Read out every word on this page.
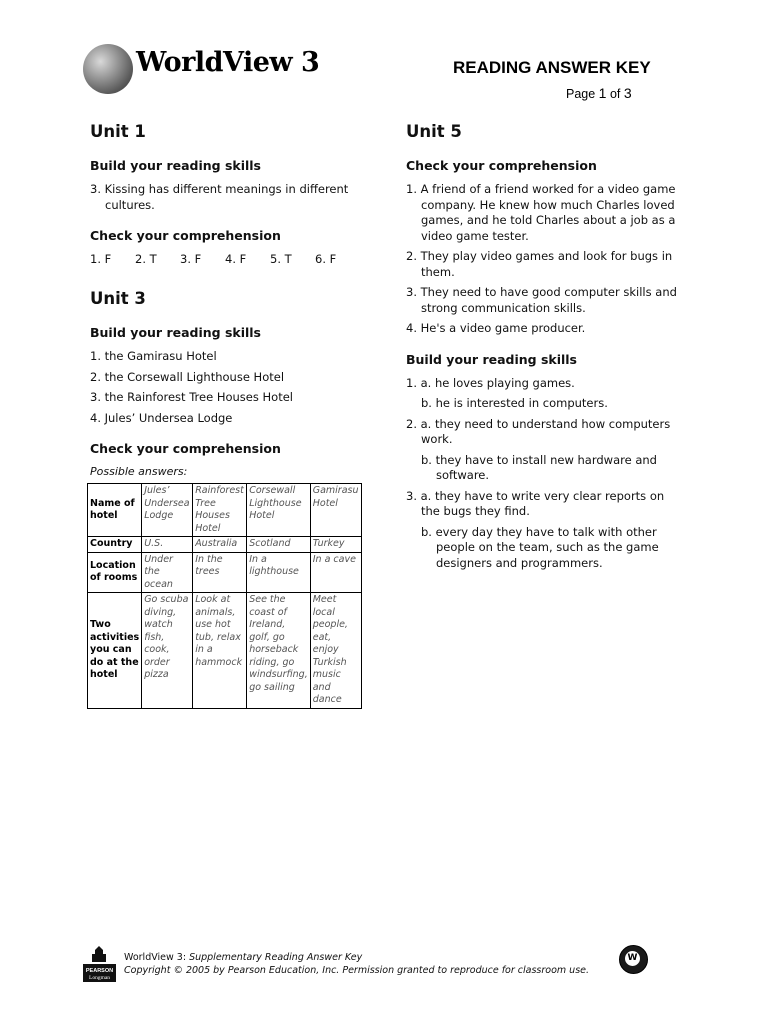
WorldView 3	READING ANSWER KEY
Page 1 of 3
Unit 1
Build your reading skills
3. Kissing has different meanings in different cultures.
Check your comprehension
1. F	2. T	3. F	4. F	5. T	6. F
Unit 3
Build your reading skills
1. the Gamirasu Hotel
2. the Corsewall Lighthouse Hotel
3. the Rainforest Tree Houses Hotel
4. Jules’ Undersea Lodge
Check your comprehension
Possible answers:
Name of hotel	Jules’ Undersea Lodge	Rainforest Tree Houses Hotel	Corsewall Lighthouse Hotel	Gamirasu Hotel
Country	U.S.	Australia	Scotland	Turkey
Location of rooms	Under the ocean	In the trees	In a lighthouse	In a cave
Two activities you can do at the hotel	Go scuba diving, watch fish, cook, order pizza	Look at animals, use hot tub, relax in a hammock	See the coast of Ireland, golf, go horseback riding, go windsurfing, go sailing	Meet local people, eat, enjoy Turkish music and dance
Unit 5
Check your comprehension
1. A friend of a friend worked for a video game company. He knew how much Charles loved games, and he told Charles about a job as a video game tester.
2. They play video games and look for bugs in them.
3. They need to have good computer skills and strong communication skills.
4. He's a video game producer.
Build your reading skills
1. a. he loves playing games.
b. he is interested in computers.
2. a. they need to understand how computers work.
b. they have to install new hardware and software.
3. a. they have to write very clear reports on the bugs they find.
b. every day they have to talk with other people on the team, such as the game designers and programmers.
PEARSON
Longman
WorldView 3: Supplementary Reading Answer Key
Copyright © 2005 by Pearson Education, Inc. Permission granted to reproduce for classroom use.
W
